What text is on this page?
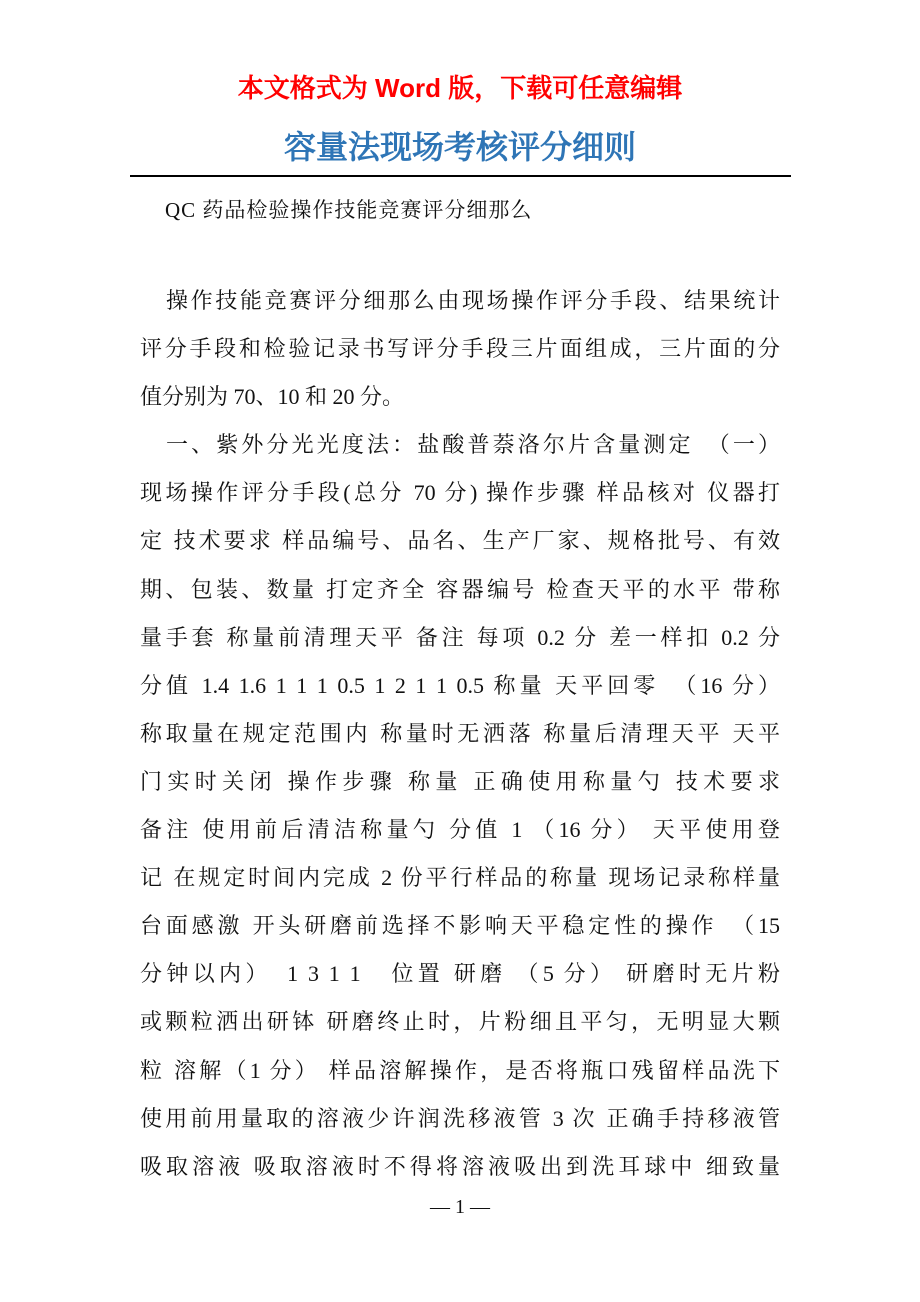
本文格式为 Word 版，下载可任意编辑
容量法现场考核评分细则
QC 药品检验操作技能竞赛评分细那么
操作技能竞赛评分细那么由现场操作评分手段、结果统计
评分手段和检验记录书写评分手段三片面组成，三片面的分
值分别为 70、10 和 20 分。
一、紫外分光光度法：盐酸普萘洛尔片含量测定　（一）
现场操作评分手段(总分 70 分) 操作步骤 样品核对 仪器打
定 技术要求 样品编号、品名、生产厂家、规格批号、有效
期、包装、数量 打定齐全 容器编号 检查天平的水平 带称
量手套 称量前清理天平 备注 每项 0.2 分 差一样扣 0.2 分
分值 1.4 1.6 1 1 1 0.5 1 2 1 1 0.5 称量 天平回零　（16 分）
称取量在规定范围内 称量时无洒落 称量后清理天平 天平
门实时关闭 操作步骤 称量 正确使用称量勺 技术要求
备注 使用前后清洁称量勺 分值 1 （16 分） 天平使用登
记 在规定时间内完成 2 份平行样品的称量 现场记录称样量
台面感激 开头研磨前选择不影响天平稳定性的操作　（15
分钟以内）　1 3 1 1　位置 研磨 （5 分） 研磨时无片粉
或颗粒洒出研钵 研磨终止时，片粉细且平匀，无明显大颗
粒 溶解（1 分） 样品溶解操作，是否将瓶口残留样品洗下
使用前用量取的溶液少许润洗移液管 3 次 正确手持移液管
吸取溶液 吸取溶液时不得将溶液吸出到洗耳球中 细致量
— 1 —
